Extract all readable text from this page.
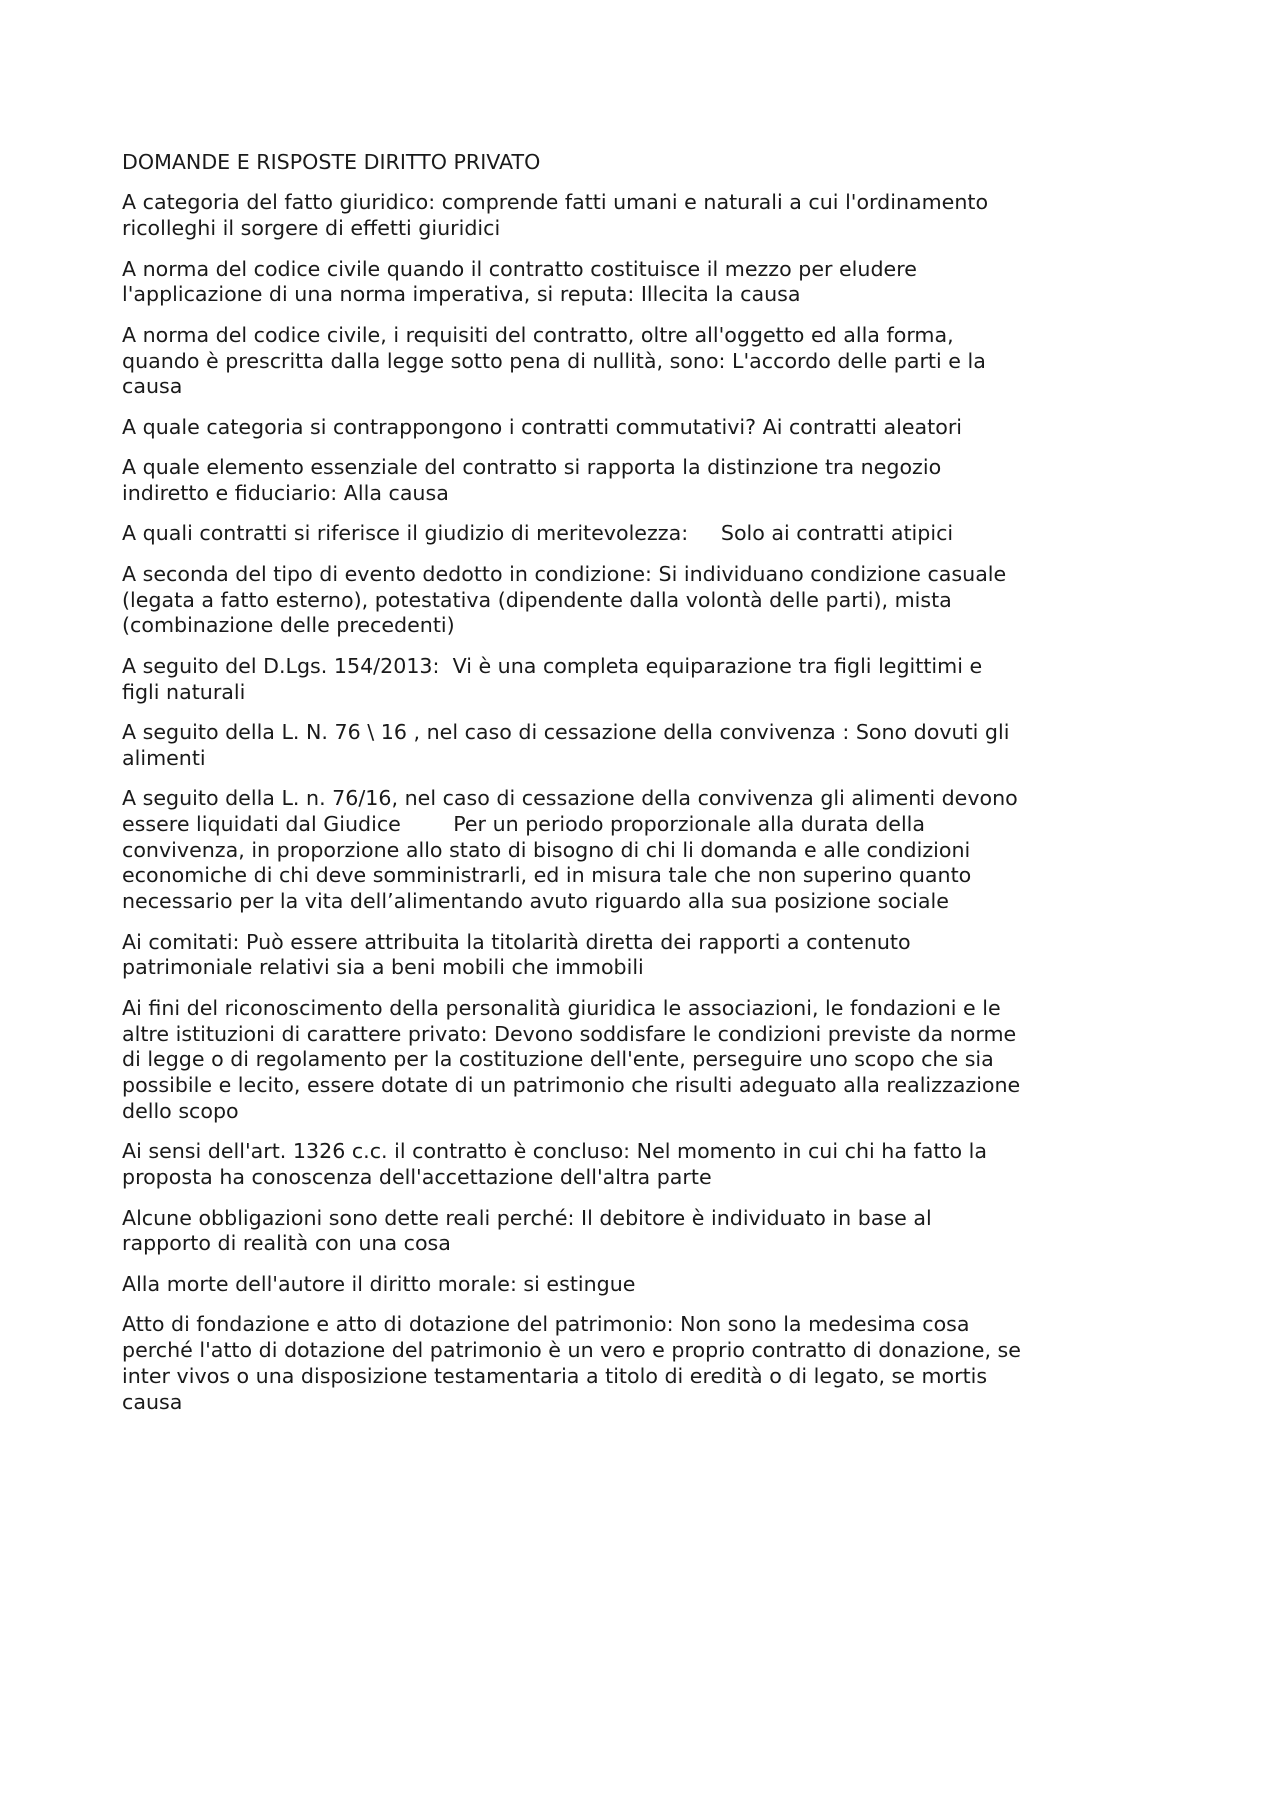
DOMANDE E RISPOSTE DIRITTO PRIVATO
A categoria del fatto giuridico: comprende fatti umani e naturali a cui l'ordinamento
ricolleghi il sorgere di effetti giuridici
A norma del codice civile quando il contratto costituisce il mezzo per eludere
l'applicazione di una norma imperativa, si reputa: Illecita la causa
A norma del codice civile, i requisiti del contratto, oltre all'oggetto ed alla forma,
quando è prescritta dalla legge sotto pena di nullità, sono: L'accordo delle parti e la
causa
A quale categoria si contrappongono i contratti commutativi? Ai contratti aleatori
A quale elemento essenziale del contratto si rapporta la distinzione tra negozio
indiretto e fiduciario: Alla causa
A quali contratti si riferisce il giudizio di meritevolezza:     Solo ai contratti atipici
A seconda del tipo di evento dedotto in condizione: Si individuano condizione casuale
(legata a fatto esterno), potestativa (dipendente dalla volontà delle parti), mista
(combinazione delle precedenti)
A seguito del D.Lgs. 154/2013:  Vi è una completa equiparazione tra figli legittimi e
figli naturali
A seguito della L. N. 76 \ 16 , nel caso di cessazione della convivenza : Sono dovuti gli
alimenti
A seguito della L. n. 76/16, nel caso di cessazione della convivenza gli alimenti devono
essere liquidati dal Giudice        Per un periodo proporzionale alla durata della
convivenza, in proporzione allo stato di bisogno di chi li domanda e alle condizioni
economiche di chi deve somministrarli, ed in misura tale che non superino quanto
necessario per la vita dell’alimentando avuto riguardo alla sua posizione sociale
Ai comitati: Può essere attribuita la titolarità diretta dei rapporti a contenuto
patrimoniale relativi sia a beni mobili che immobili
Ai fini del riconoscimento della personalità giuridica le associazioni, le fondazioni e le
altre istituzioni di carattere privato: Devono soddisfare le condizioni previste da norme
di legge o di regolamento per la costituzione dell'ente, perseguire uno scopo che sia
possibile e lecito, essere dotate di un patrimonio che risulti adeguato alla realizzazione
dello scopo
Ai sensi dell'art. 1326 c.c. il contratto è concluso: Nel momento in cui chi ha fatto la
proposta ha conoscenza dell'accettazione dell'altra parte
Alcune obbligazioni sono dette reali perché: Il debitore è individuato in base al
rapporto di realità con una cosa
Alla morte dell'autore il diritto morale: si estingue
Atto di fondazione e atto di dotazione del patrimonio: Non sono la medesima cosa
perché l'atto di dotazione del patrimonio è un vero e proprio contratto di donazione, se
inter vivos o una disposizione testamentaria a titolo di eredità o di legato, se mortis
causa
